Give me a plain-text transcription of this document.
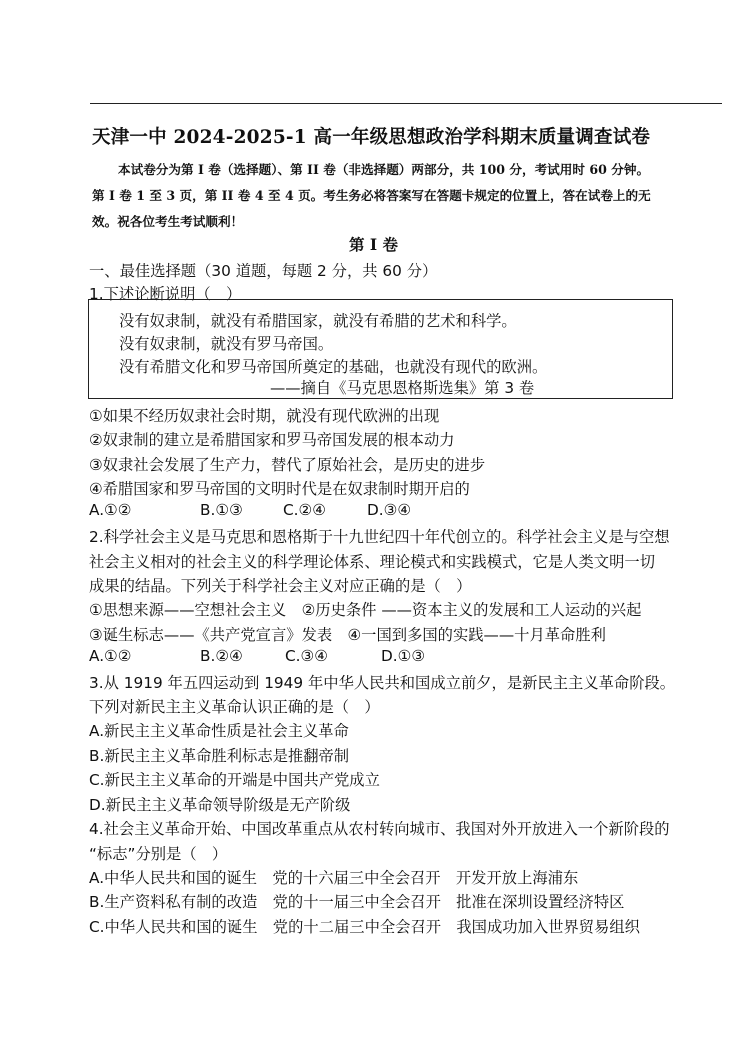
天津一中 2024-2025-1 高一年级思想政治学科期末质量调查试卷
本试卷分为第 I 卷（选择题）、第 II 卷（非选择题）两部分，共 100 分，考试用时 60 分钟。
第 I 卷 1 至 3 页，第 II 卷 4 至 4 页。考生务必将答案写在答题卡规定的位置上，答在试卷上的无
效。祝各位考生考试顺利！
第 I 卷
一、最佳选择题（30 道题，每题 2 分，共 60 分）
1.下述论断说明（　）
没有奴隶制，就没有希腊国家，就没有希腊的艺术和科学。
没有奴隶制，就没有罗马帝国。
没有希腊文化和罗马帝国所奠定的基础，也就没有现代的欧洲。
——摘自《马克思恩格斯选集》第 3 卷
①如果不经历奴隶社会时期，就没有现代欧洲的出现
②奴隶制的建立是希腊国家和罗马帝国发展的根本动力
③奴隶社会发展了生产力，替代了原始社会，是历史的进步
④希腊国家和罗马帝国的文明时代是在奴隶制时期开启的
A.①②	B.①③	C.②④	D.③④
2.科学社会主义是马克思和恩格斯于十九世纪四十年代创立的。科学社会主义是与空想
社会主义相对的社会主义的科学理论体系、理论模式和实践模式，它是人类文明一切
成果的结晶。下列关于科学社会主义对应正确的是（　）
①思想来源——空想社会主义　②历史条件 ——资本主义的发展和工人运动的兴起
③诞生标志——《共产党宣言》发表　④一国到多国的实践——十月革命胜利
A.①②	B.②④	C.③④	D.①③
3.从 1919 年五四运动到 1949 年中华人民共和国成立前夕，是新民主主义革命阶段。
下列对新民主主义革命认识正确的是（　）
A.新民主主义革命性质是社会主义革命
B.新民主主义革命胜利标志是推翻帝制
C.新民主主义革命的开端是中国共产党成立
D.新民主主义革命领导阶级是无产阶级
4.社会主义革命开始、中国改革重点从农村转向城市、我国对外开放进入一个新阶段的
“标志”分别是（　）
A.中华人民共和国的诞生　党的十六届三中全会召开　开发开放上海浦东
B.生产资料私有制的改造　党的十一届三中全会召开　批准在深圳设置经济特区
C.中华人民共和国的诞生　党的十二届三中全会召开　我国成功加入世界贸易组织
